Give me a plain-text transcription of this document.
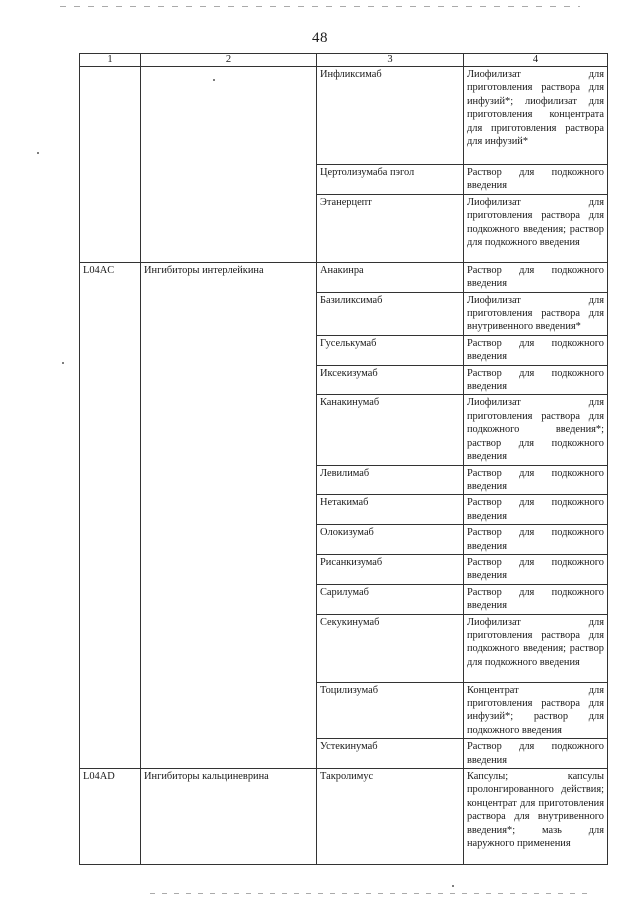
48
1	2	3	4
		Инфликсимаб	Лиофилизат для приготовления раствора для инфузий*; лиофилизат для приготовления концентрата для приготовления раствора для инфузий*
		Цертолизумаба пэгол	Раствор для подкожного введения
		Этанерцепт	Лиофилизат для приготовления раствора для подкожного введения; раствор для подкожного введения
L04AC	Ингибиторы интерлейкина	Анакинра	Раствор для подкожного введения
		Базиликсимаб	Лиофилизат для приготовления раствора для внутривенного введения*
		Гуселькумаб	Раствор для подкожного введения
		Иксекизумаб	Раствор для подкожного введения
		Канакинумаб	Лиофилизат для приготовления раствора для подкожного введения*; раствор для подкожного введения
		Левилимаб	Раствор для подкожного введения
		Нетакимаб	Раствор для подкожного введения
		Олокизумаб	Раствор для подкожного введения
		Рисанкизумаб	Раствор для подкожного введения
		Сарилумаб	Раствор для подкожного введения
		Секукинумаб	Лиофилизат для приготовления раствора для подкожного введения; раствор для подкожного введения
		Тоцилизумаб	Концентрат для приготовления раствора для инфузий*; раствор для подкожного введения
		Устекинумаб	Раствор для подкожного введения
L04AD	Ингибиторы кальциневрина	Такролимус	Капсулы; капсулы пролонгированного действия; концентрат для приготовления раствора для внутривенного введения*; мазь для наружного применения
